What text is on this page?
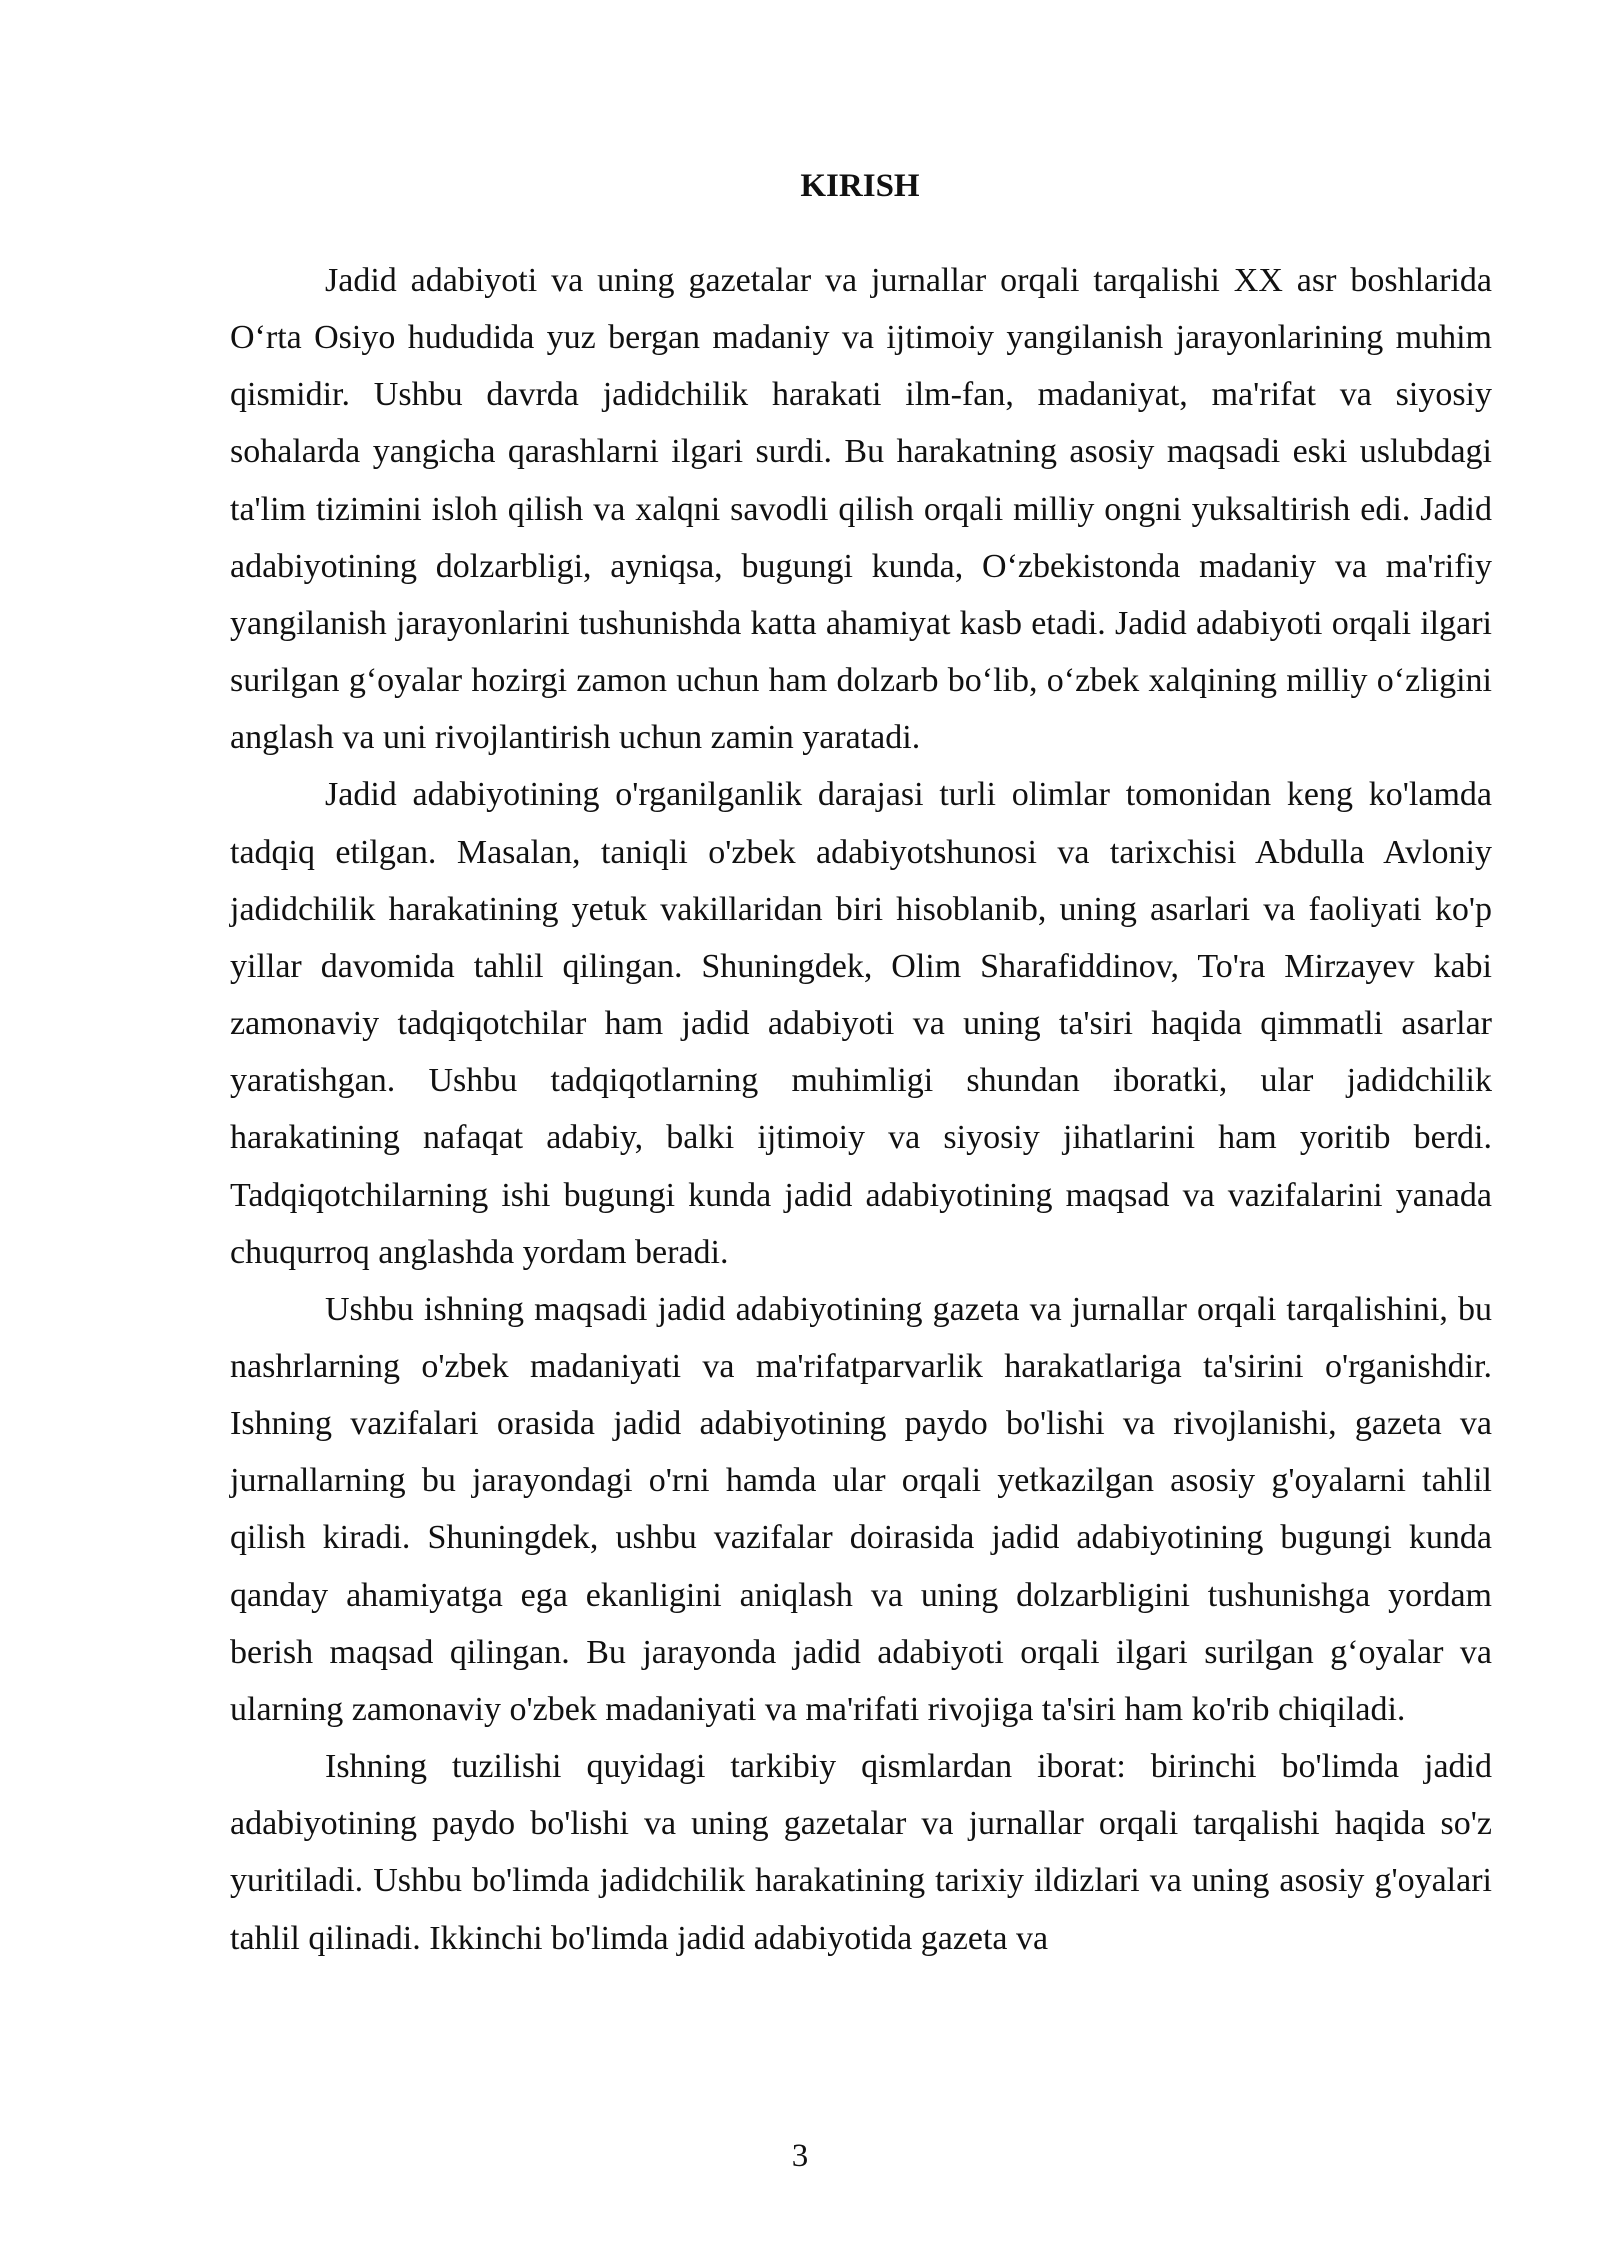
KIRISH

Jadid adabiyoti va uning gazetalar va jurnallar orqali tarqalishi XX asr boshlarida O‘rta Osiyo hududida yuz bergan madaniy va ijtimoiy yangilanish jarayonlarining muhim qismidir. Ushbu davrda jadidchilik harakati ilm-fan, madaniyat, ma'rifat va siyosiy sohalarda yangicha qarashlarni ilgari surdi. Bu harakatning asosiy maqsadi eski uslubdagi ta'lim tizimini isloh qilish va xalqni savodli qilish orqali milliy ongni yuksaltirish edi. Jadid adabiyotining dolzarbligi, ayniqsa, bugungi kunda, O‘zbekistonda madaniy va ma'rifiy yangilanish jarayonlarini tushunishda katta ahamiyat kasb etadi. Jadid adabiyoti orqali ilgari surilgan g‘oyalar hozirgi zamon uchun ham dolzarb bo‘lib, o‘zbek xalqining milliy o‘zligini anglash va uni rivojlantirish uchun zamin yaratadi.

Jadid adabiyotining o'rganilganlik darajasi turli olimlar tomonidan keng ko'lamda tadqiq etilgan. Masalan, taniqli o'zbek adabiyotshunosi va tarixchisi Abdulla Avloniy jadidchilik harakatining yetuk vakillaridan biri hisoblanib, uning asarlari va faoliyati ko'p yillar davomida tahlil qilingan. Shuningdek, Olim Sharafiddinov, To'ra Mirzayev kabi zamonaviy tadqiqotchilar ham jadid adabiyoti va uning ta'siri haqida qimmatli asarlar yaratishgan. Ushbu tadqiqotlarning muhimligi shundan iboratki, ular jadidchilik harakatining nafaqat adabiy, balki ijtimoiy va siyosiy jihatlarini ham yoritib berdi. Tadqiqotchilarning ishi bugungi kunda jadid adabiyotining maqsad va vazifalarini yanada chuqurroq anglashda yordam beradi.

Ushbu ishning maqsadi jadid adabiyotining gazeta va jurnallar orqali tarqalishini, bu nashrlarning o'zbek madaniyati va ma'rifatparvarlik harakatlariga ta'sirini o'rganishdir. Ishning vazifalari orasida jadid adabiyotining paydo bo'lishi va rivojlanishi, gazeta va jurnallarning bu jarayondagi o'rni hamda ular orqali yetkazilgan asosiy g'oyalarni tahlil qilish kiradi. Shuningdek, ushbu vazifalar doirasida jadid adabiyotining bugungi kunda qanday ahamiyatga ega ekanligini aniqlash va uning dolzarbligini tushunishga yordam berish maqsad qilingan. Bu jarayonda jadid adabiyoti orqali ilgari surilgan g‘oyalar va ularning zamonaviy o'zbek madaniyati va ma'rifati rivojiga ta'siri ham ko'rib chiqiladi.

Ishning tuzilishi quyidagi tarkibiy qismlardan iborat: birinchi bo'limda jadid adabiyotining paydo bo'lishi va uning gazetalar va jurnallar orqali tarqalishi haqida so'z yuritiladi. Ushbu bo'limda jadidchilik harakatining tarixiy ildizlari va uning asosiy g'oyalari tahlil qilinadi. Ikkinchi bo'limda jadid adabiyotida gazeta va

3
